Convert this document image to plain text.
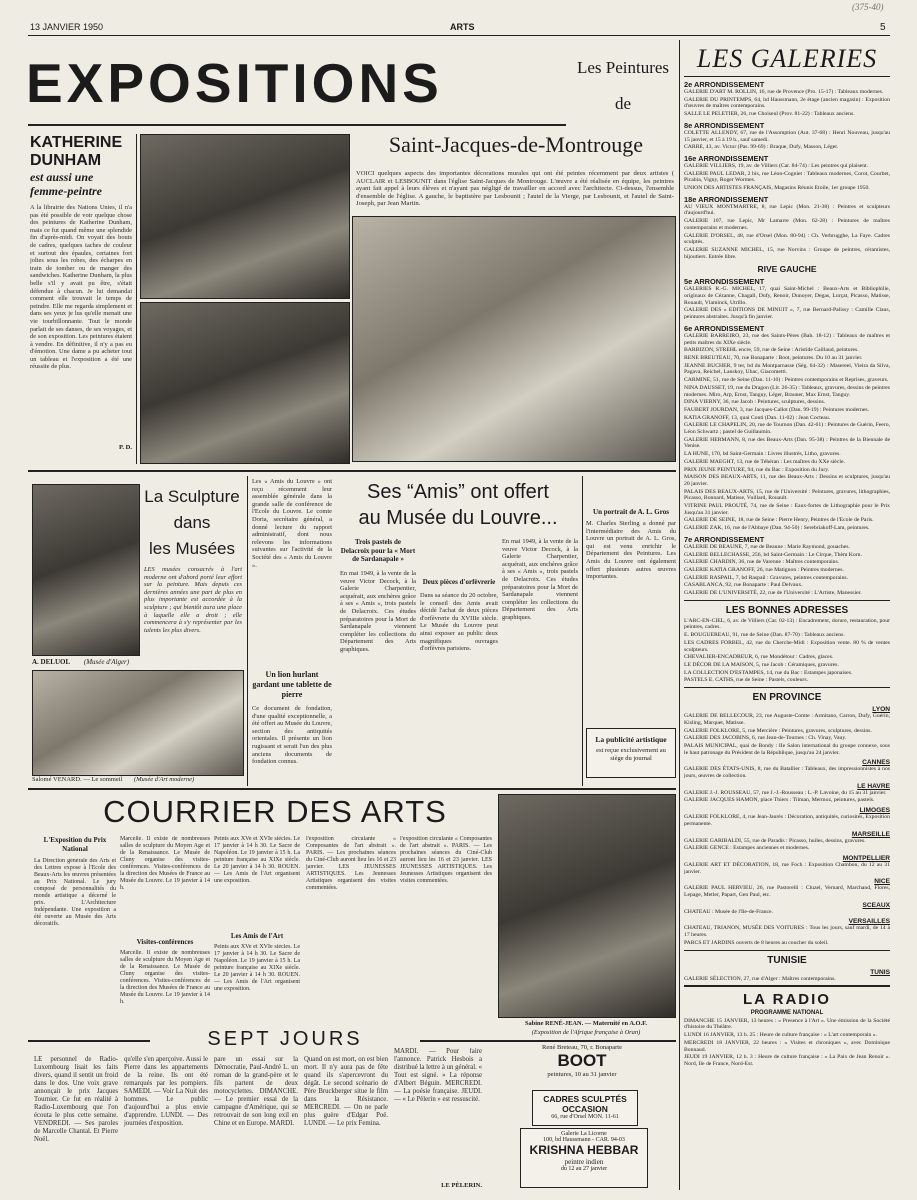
(375-40)
13 JANVIER 1950	ARTS	5
EXPOSITIONS
KATHERINE
DUNHAM
est aussi une
femme-peintre
A la librairie des Nations Unies, il n'a pas été possible de voir quelque chose des peintures de Katherine Dunham, mais ce fut quand même une splendide fin d'après-midi. On voyait des bouts de cadres, quelques taches de couleur et surtout des épaules, certaines fort jolies sous les robes, des écharpes en train de tomber ou de manger des sandwiches. Katherine Dunham, la plus belle s'il y avait pu être, s'était défendue à chacun. Je lui demandai comment elle trouvait le temps de peindre. Elle me regarda simplement et dans ses yeux je lus qu'elle menait une vie tourbillonnante. Tout le monde parlait de ses danses, de ses voyages, et de son exposition. Les peintures étaient à vendre. En définitive, il n'y a pas eu d'émotion. Une dame a pu acheter tout un tableau et l'exposition a été une réussite de plus.
P. D.
Les Peintures
de
Saint-Jacques-de-Montrouge
VOICI quelques aspects des importantes décorations murales qui ont été peintes récemment par deux artistes ( AUCLAIR et LESBOUNIT dans l'église Saint-Jacques de Montrouge. L'œuvre a été réalisée en équipe, les peintres ayant fait appel à leurs élèves et n'ayant pas négligé de travailler en accord avec l'architecte. Ci-dessus, l'ensemble d'ensemble de l'église. A gauche, le baptistère par Lesbounit ; l'autel de la Vierge, par Lesbounit, et l'autel de Saint-Joseph, par Jean Martin.
A. DELUOL (Musée d'Alger)
La Sculpture
dans
les Musées
LES musées consacrés à l'art moderne ont d'abord porté leur effort sur la peinture. Mais depuis ces dernières années une part de plus en plus importante est accordée à la sculpture ; qui bientôt aura une place à laquelle elle a droit ; elle commencera à s'y représenter par les talents les plus divers.
Salomé VENARD. — Le sommeil (Musée d'Art moderne)
Les « Amis du Louvre » ont reçu récemment leur assemblée générale dans la grande salle de conférence de l'Ecole du Louvre. Le comte Doria, secrétaire général, a donné lecture du rapport administratif, dont nous relevons les informations suivantes sur l'activité de la Société des « Amis du Louvre ».
Un lion hurlant gardant une tablette de pierre
Ce document de fondation, d'une qualité exceptionnelle, a été offert au Musée du Louvre, section des antiquités orientales. Il présente un lion rugissant et serait l'un des plus anciens documents de fondation connus.
Ses “Amis” ont offert
au Musée du Louvre...
Trois pastels de Delacroix pour la « Mort de Sardanapale »
En mai 1949, à la vente de la veuve Victor Decock, à la Galerie Charpentier, acquérait, aux enchères grâce à ses « Amis », trois pastels de Delacroix. Ces études préparatoires pour la Mort de Sardanapale viennent compléter les collections du Département des Arts graphiques.
Deux pièces d'orfèvrerie
Dans sa séance du 20 octobre, le conseil des Amis avait décidé l'achat de deux pièces d'orfèvrerie du XVIIIe siècle. Le Musée du Louvre peut ainsi exposer au public deux magnifiques ouvrages d'orfèvres parisiens.
En mai 1949, à la vente de la veuve Victor Decock, à la Galerie Charpentier, acquérait, aux enchères grâce à ses « Amis », trois pastels de Delacroix. Ces études préparatoires pour la Mort de Sardanapale viennent compléter les collections du Département des Arts graphiques.
Un portrait de A. L. Gros
M. Charles Sterling a donné par l'intermédiaire des Amis du Louvre un portrait de A. L. Gros, qui est venu enrichir le Département des Peintures. Les Amis du Louvre ont également offert plusieurs autres œuvres importantes.
La publicité artistique
est reçue exclusivement au siège du journal
COURRIER DES ARTS
L'Exposition du Prix National
La Direction générale des Arts et des Lettres expose à l'Ecole des Beaux-Arts les œuvres présentées au Prix National. Le jury composé de personnalités du monde artistique a décerné le prix. L'Architecture Indépendante. Une exposition a été ouverte au Musée des Arts décoratifs.
Marcelle. Il existe de nombreuses salles de sculpture du Moyen Age et de la Renaissance. Le Musée de Cluny organise des visites-conférences. Visites-conférences de la direction des Musées de France au Musée du Louvre. Le 19 janvier à 14 h.
Visites-conférences
Marcelle. Il existe de nombreuses salles de sculpture du Moyen Age et de la Renaissance. Le Musée de Cluny organise des visites-conférences. Visites-conférences de la direction des Musées de France au Musée du Louvre. Le 19 janvier à 14 h.
Peints aux XVe et XVIe siècles. Le 17 janvier à 14 h 30. Le Sacre de Napoléon. Le 19 janvier à 15 h. La peinture française au XIXe siècle. Le 20 janvier à 14 h 30. ROUEN. — Les Amis de l'Art organisent une exposition.
Les Amis de l'Art
Peints aux XVe et XVIe siècles. Le 17 janvier à 14 h 30. Le Sacre de Napoléon. Le 19 janvier à 15 h. La peinture française au XIXe siècle. Le 20 janvier à 14 h 30. ROUEN. — Les Amis de l'Art organisent une exposition.
l'exposition circulante « Composantes de l'art abstrait ». PARIS. — Les prochaines séances du Ciné-Club auront lieu les 16 et 23 janvier. LES JEUNESSES ARTISTIQUES. Les Jeunesses Artistiques organisent des visites commentées.
l'exposition circulante « Composantes de l'art abstrait ». PARIS. — Les prochaines séances du Ciné-Club auront lieu les 16 et 23 janvier. LES JEUNESSES ARTISTIQUES. Les Jeunesses Artistiques organisent des visites commentées.
Sabine RENÉ-JEAN. — Maternité en A.O.F.
(Exposition de l'Afrique française à Oran)
SEPT JOURS
LE personnel de Radio-Luxembourg lisait les faits divers, quand il sentit un froid dans le dos. Une voix grave annonçait le prix Jacques Tournier. Ce fut en réalité à Radio-Luxembourg que l'on écouta le plus cette semaine. VENDREDI. — Ses paroles de Marcelle Chantal. Et Pierre Noël.
qu'elle s'en aperçoive. Aussi le Pierre dans les appartements de la reine. Ils ont été remarqués par les pompiers. SAMEDI. — Voir La Nuit des hommes. Le public d'aujourd'hui a plus envie d'apprendre. LUNDI. — Des journées d'exposition.
pare un essai sur la Démocratie, Paul-André L. un roman de la grand-père et le fils partent de deux motocyclettes. DIMANCHE. — Le premier essai de la campagne d'Amérique, qui se retrouvait de son long exil en Chine et en Europe. MARDI.
Quand on est mort, on est bien mort. Il n'y aura pas de fête quand ils s'apercevront du dégât. Le second scénario de Père Bruckberger situe le film dans la Résistance. MERCREDI. — On ne parle plus guère d'Edgar Poë. LUNDI. — Le prix Femina.
MARDI. — Pour faire l'annonce. Patrick Hesbois a distribué la lettre à un général. « Tout est signé. » La réponse d'Albert Béguin. MERCREDI. — La poésie française. JEUDI. — « Le Pèlerin » est ressuscité.
LE PÈLERIN.
René Breteau, 70, r. Bonaparte
BOOT
peintures, 10 au 31 janvier
CADRES SCULPTÉS OCCASION
66, rue d'Orsel MON. 11-61
Galerie La Licorne
100, bd Haussmann - CAR. 94-03
KRISHNA HEBBAR
peintre indien
du 12 au 27 janvier
LES GALERIES
2e ARRONDISSEMENT
GALERIE D'ART M. ROLLIN, 16, rue de Provence (Pro. 15-17) : Tableaux modernes.
GALERIE DU PRINTEMPS, 64, bd Haussmann, 2e étage (ancien magasin) : Exposition d'œuvres de maîtres contemporains.
SALLE LE PELETIER, 26, rue Choiseul (Prov. 81-22) : Tableaux anciens.
8e ARRONDISSEMENT
COLETTE ALLENDY, 67, rue de l'Assomption (Aut. 37-68) : Henri Nouveau, jusqu'au 15 janvier, et 15 à 19 h., sauf samedi.
CARRE, 43, av. Victor (Pas. 99-69) : Braque, Dufy, Masson, Léger.
16e ARRONDISSEMENT
GALERIE VILLIERS, 19, av. de Villiers (Car. 84-74) : Les peintres qui plaisent.
GALERIE PAUL LEDAR, 2 bis, rue Léon-Cogniet : Tableaux modernes, Corot, Courbet, Picabia, Vigny, Roger Wormes.
UNION DES ARTISTES FRANÇAIS, Magasins Réunis Etoile, 1er groupe 1950.
18e ARRONDISSEMENT
AU VIEUX MONTMARTRE, 8, rue Lepic (Mon. 21-38) : Peintres et sculpteurs d'aujourd'hui.
GALERIE 107, rue Lepic, Mr Lamarre (Mon. 62-28) : Peintures de maîtres contemporains et modernes.
GALERIE D'ORSEL, 48, rue d'Orsel (Mon. 80-94) : Ch. Verbrugghe, La Fayе. Cadres sculptés.
GALERIE SUZANNE MICHEL, 15, rue Norvins : Groupe de peintres, céramistes, bijoutiers. Entrée libre.
RIVE GAUCHE
5e ARRONDISSEMENT
GALERIES R.-G. MICHEL, 17, quai Saint-Michel : Beaux-Arts et Bibliophilie, originaux de Cézanne, Chagall, Dufy, Renoir, Dunoyer, Degas, Lurçat, Picasso, Matisse, Rouault, Vlaminck, Utrillo.
GALERIE DES « EDITIONS DE MINUIT », 7, rue Bernard-Palissy : Camille Claus, peintures abstraites. Jusqu'à fin janvier.
6e ARRONDISSEMENT
GALERIE BARREIRO, 23, rue des Saints-Pères (Bab. 18-12) : Tableaux de maîtres et petits maîtres du XIXe siècle.
BARBIZON, STREHL encre, 59, rue de Seine : Aristide Caillaud, peintures.
RENE BREUTEAU, 70, rue Bonaparte : Boot, peintures. Du 10 au 31 janvier.
JEANNE BUCHER, 9 ter, bd du Montparnasse (Ség. 64-32) : Masereel, Vieira da Silva, Pagava, Reichel, Lanskoy, Ubac, Giacometti.
CARMINE, 51, rue de Seine (Dan. 11-10) : Peintres contemporains et Reprises, graveurs.
NINA DAUSSET, 19, rue du Dragon (Lit. 26-35) : Tableaux, gravures, dessins de peintres modernes. Miro, Arp, Ernst, Tanguy, Léger, Brauner, Max Ernst, Tanguy.
DINA VIERNY, 36, rue Jacob : Peintures, sculptures, dessins.
FAUBERT JOURDAN, 3, rue Jacques-Callot (Dan. 99-19) : Peintures modernes.
KATIA GRANOFF, 13, quai Conti (Dan. 11-02) : Jean Cocteau.
GALERIE LE CHAPELIN, 20, rue de Tournon (Dan. 42-61) : Peintures de Guérin, Feero, Léon Schwartz ; pastel de Guillaumin.
GALERIE HERMANN, 8, rue des Beaux-Arts (Dan. 95-38) : Peintres de la Biennale de Venise.
LA HUNE, 170, bd Saint-Germain : Livres illustrés, Litho, gravures.
GALERIE MAEGHT, 13, rue de Téhéran : Les maîtres du XXe siècle.
PRIX JEUNE PEINTURE, 94, rue du Bac : Exposition du Jury.
MAISON DES BEAUX-ARTS, 11, rue des Beaux-Arts : Dessins et sculptures, jusqu'au 20 janvier.
PALAIS DES BEAUX-ARTS, 15, rue de l'Université : Peintures, gravures, lithographies, Picasso, Bonnard, Matisse, Vuillard, Rouault.
VITRINE PAUL PROUTÉ, 74, rue de Seine : Eaux-fortes de Lithographie pour le Prix Jusqu'au 31 janvier.
GALERIE DE SEINE, 18, rue de Seine : Pierre Henry, Peintres de l'Ecole de Paris.
GALERIE ZAK, 16, rue de l'Abbaye (Dan. 94-50) : Serebriakoff-Lam, peintures.
7e ARRONDISSEMENT
GALERIE DE BEAUNE, 7, rue de Beaune : Marie Raymond, gouaches.
GALERIE BELLECHASSE, 256, bd Saint-Germain : Le Cirque, Thèm Korn.
GALERIE CHARDIN, 36, rue de Varenne : Maîtres contemporains.
GALERIE KATIA GRANOFF, 26, rue Matignon : Peintres modernes.
GALERIE RASPAIL, 7, bd Raspail : Gravures, peintres contemporains.
CASABLANCA, 92, rue Bonaparte : Paul Delvaux.
GALERIE DE L'UNIVERSITÉ, 22, rue de l'Université : L'Artiste, Manessier.
LES BONNES ADRESSES
L'ARC-EN-CIEL, 6, av. de Villiers (Car. 02-13) : Encadrement, dorure, restauration, pour peintres, cadres.
E. BOUGUEREAU, 91, rue de Seine (Dan. 87-70) : Tableaux anciens.
LES CADRES FORBEL, 42, rue du Cherche-Midi : Exposition vente. 80 % de ventes sculpteurs.
CHEVALIER-ENCADREUR, 6, rue Mondétour : Cadres, glaces.
LE DÉCOR DE LA MAISON, 5, rue Jacob : Céramiques, gravures.
LA COLLECTION D'ESTAMPES, 14, rue du Bac : Estampes japonaises.
PASTELS E. CATHS, rue de Seine : Pastels, couleurs.
EN PROVINCE
LYON
GALERIE DE BELLECOUR, 23, rue Auguste-Comte : Armitano, Carron, Dufy, Guérin, Kisling, Marquet, Matisse.
GALERIE FOLKLORE, 5, rue Mercière : Peintures, gravures, sculptures, dessins.
GALERIE DES JACOBINS, 6, rue Jean-de-Tournes : Ch. Vinay, Vauy.
PALAIS MUNICIPAL, quai de Bondy : IIe Salon international du groupe connexe, sous le haut patronage du Président de la République, jusqu'au 24 janvier.
CANNES
GALERIE DES ÉTATS-UNIS, 8, rue du Batallier : Tableaux, des impressionnistes à nos jours, œuvres de collection.
LE HAVRE
GALERIE J.-J. ROUSSEAU, 57, rue J.-J.-Rousseau : L.-P. Lavoine, du 15 au 31 janvier.
GALERIE JACQUES HAMON, place Thiers : Tilman, Mermoz, peintures, pastels.
LIMOGES
GALERIE FOLKLORE, 4, rue Jean-Jaurès : Décoration, antiquités, curiosités, Exposition permanente.
MARSEILLE
GALERIE GARIBALDI, 55, rue de Paradis : Picasso, huiles, dessins, gravures.
GALERIE GENCE : Estampes anciennes et modernes.
MONTPELLIER
GALERIE ART ET DÉCORATION, 18, rue Foch : Exposition Chambon, du 12 au 31 janvier.
NICE
GALERIE PAUL HERVIEU, 26, rue Pastorelli : Cluzel, Vernard, Marchand, Flores, Lepage, Metler, Papart, Gen Paul, etc.
SCEAUX
CHATEAU : Musée de l'Ile-de-France.
VERSAILLES
CHATEAU, TRIANON, MUSÉE DES VOITURES : Tous les jours, sauf mardi, de 14 à 17 heures.
PARCS ET JARDINS ouverts de 8 heures au coucher du soleil.
TUNISIE
TUNIS
GALERIE SÉLECTION, 27, rue d'Alger : Maîtres contemporains.
LA RADIO
PROGRAMME NATIONAL
DIMANCHE 15 JANVIER, 13 heures : « Presence à l'Art ». Une émission de la Société d'histoire du Théâtre.
LUNDI 16 JANVIER, 13 h. 25 : Heure de culture française : « L'art contemporain ».
MERCREDI 18 JANVIER, 22 heures : « Visites et chroniques », avec Dominique Bonnaud.
JEUDI 19 JANVIER, 12 h. 3 : Heure de culture française : « La Paix de Jean Renoir ». Nord, Ile de France, Nord-Est.
